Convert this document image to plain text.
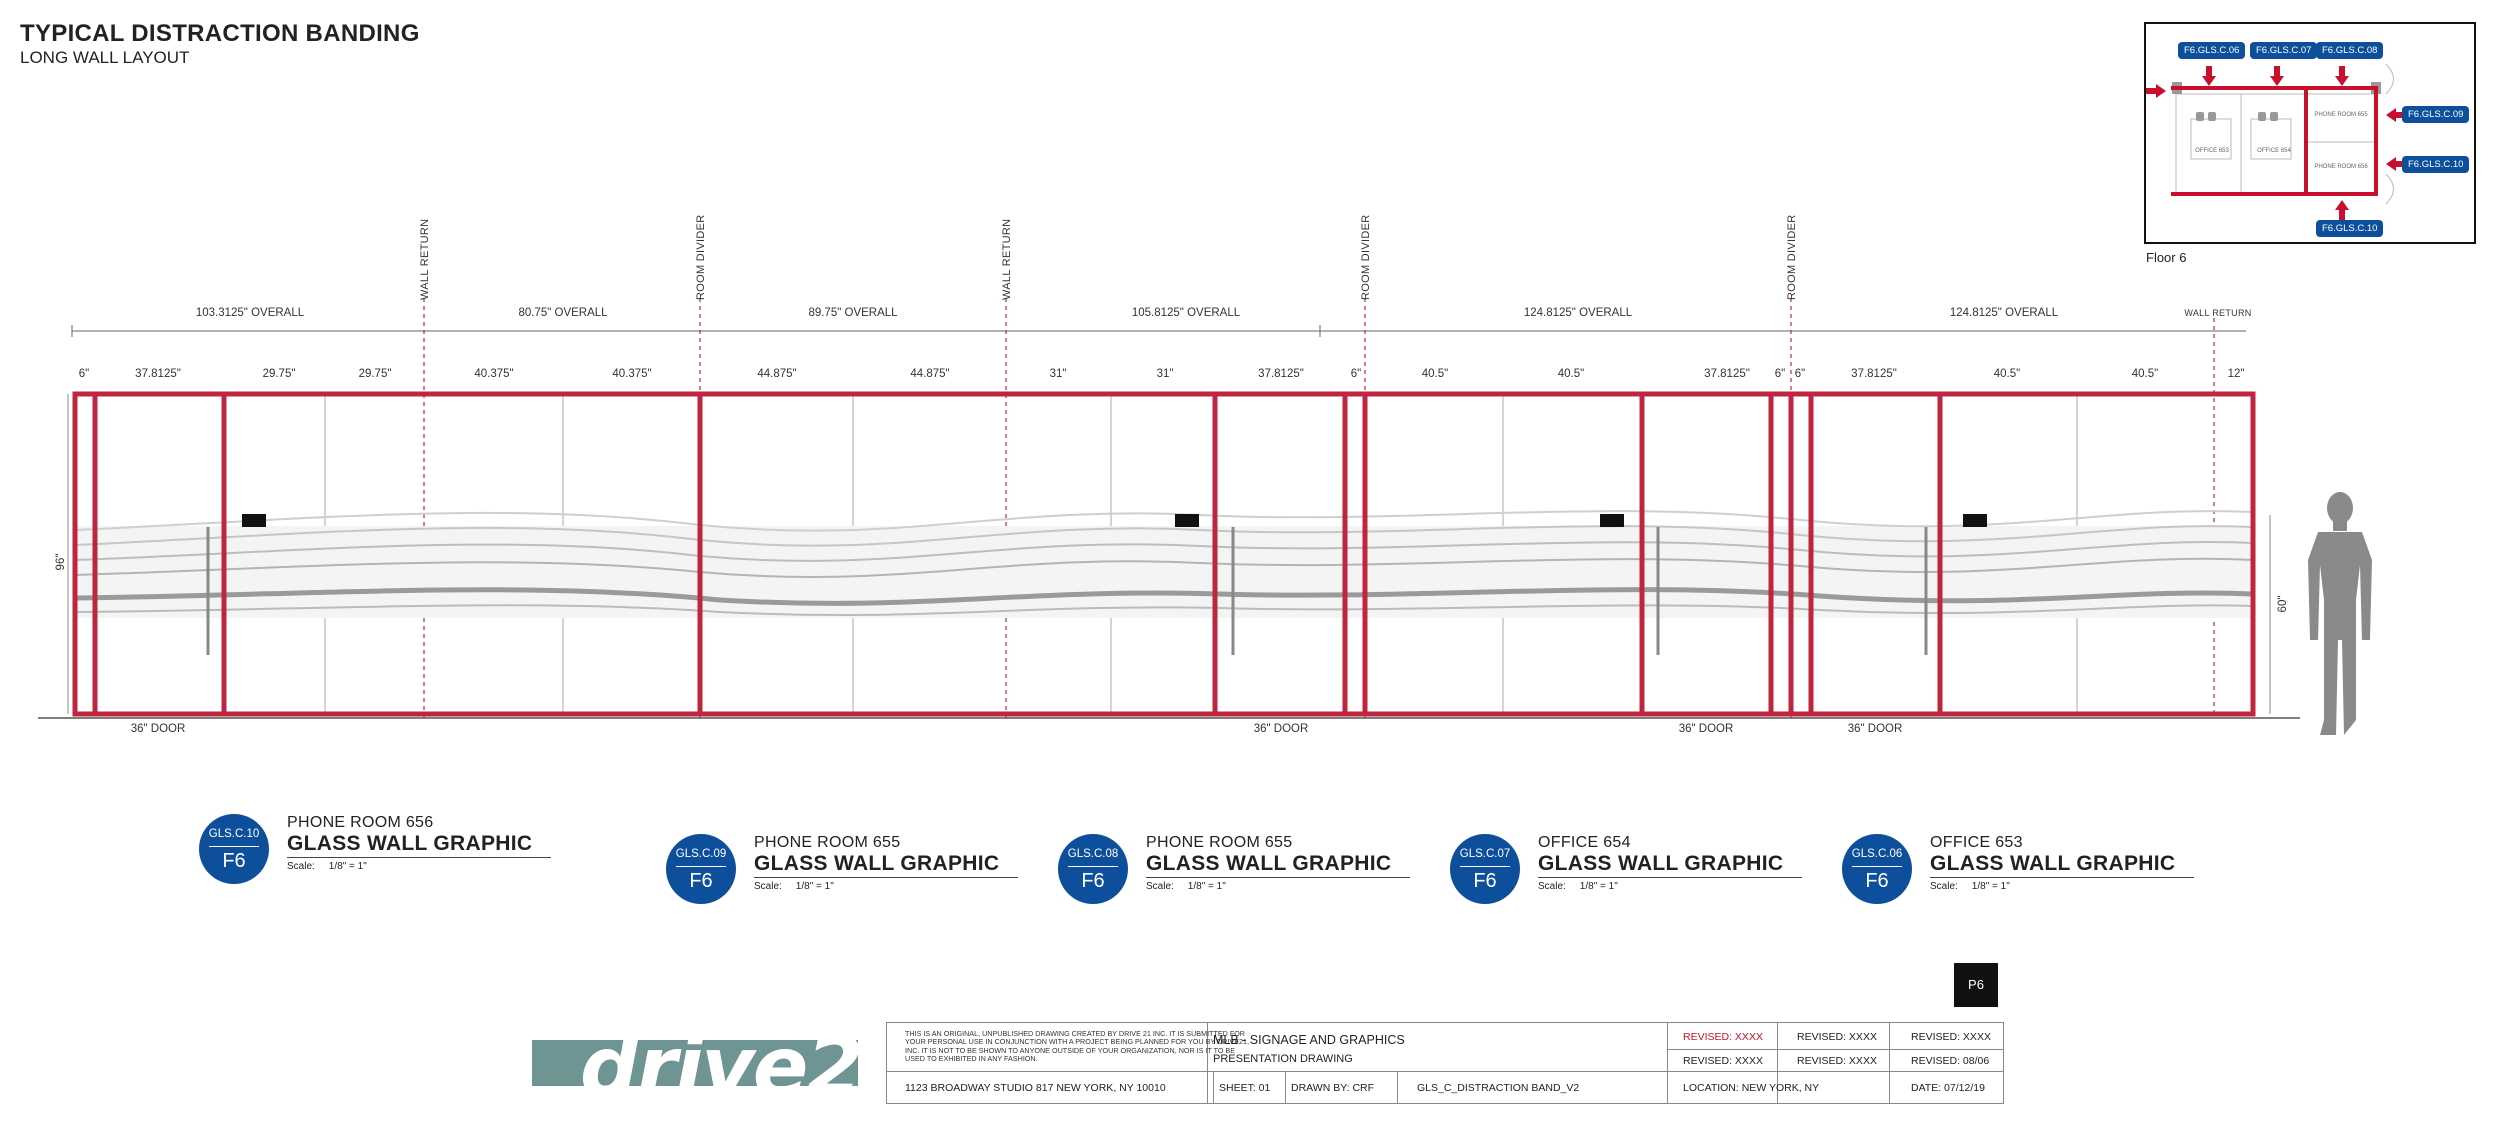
TYPICAL DISTRACTION BANDING
LONG WALL LAYOUT
103.3125" OVERALL	80.75" OVERALL	89.75" OVERALL	105.8125" OVERALL	124.8125" OVERALL	124.8125" OVERALL
WALL RETURN	ROOM DIVIDER	WALL RETURN	ROOM DIVIDER	ROOM DIVIDER
WALL RETURN
6"	37.8125"	29.75"	29.75"	40.375"	40.375"	44.875"	44.875"	31"	31"	37.8125"	6"	40.5"	40.5"	37.8125" 6" 6"	37.8125"	40.5"	40.5"	12"
96"
60"
36" DOOR	36" DOOR	36" DOOR	36" DOOR
GLS.C.10
F6
PHONE ROOM 656
GLASS WALL GRAPHIC
Scale: 1/8" = 1"
GLS.C.09
F6
PHONE ROOM 655
GLASS WALL GRAPHIC
Scale: 1/8" = 1"
GLS.C.08
F6
PHONE ROOM 655
GLASS WALL GRAPHIC
Scale: 1/8" = 1"
GLS.C.07
F6
OFFICE 654
GLASS WALL GRAPHIC
Scale: 1/8" = 1"
GLS.C.06
F6
OFFICE 653
GLASS WALL GRAPHIC
Scale: 1/8" = 1"
OFFICE 653	OFFICE 654
PHONE ROOM 655
PHONE ROOM 656
F6.GLS.C.06	F6.GLS.C.07	F6.GLS.C.08
F6.GLS.C.09
F6.GLS.C.10
F6.GLS.C.10
Floor 6
P6
drive21
THIS IS AN ORIGINAL, UNPUBLISHED DRAWING CREATED BY DRIVE 21 INC. IT IS SUBMITTED FOR YOUR PERSONAL USE IN CONJUNCTION WITH A PROJECT BEING PLANNED FOR YOU BY DRIVE21, INC. IT IS NOT TO BE SHOWN TO ANYONE OUTSIDE OF YOUR ORGANIZATION, NOR IS IT TO BE USED TO EXHIBITED IN ANY FASHION.
1123 BROADWAY STUDIO 817 NEW YORK, NY 10010	SHEET: 01 DRAWN BY: CRF	GLS_C_DISTRACTION BAND_V2
MLB - SIGNAGE AND GRAPHICS
PRESENTATION DRAWING
LOCATION: NEW YORK, NY	DATE: 07/12/19
REVISED: XXXX	REVISED: XXXX	REVISED: XXXX
REVISED: XXXX	REVISED: XXXX	REVISED: 08/06
